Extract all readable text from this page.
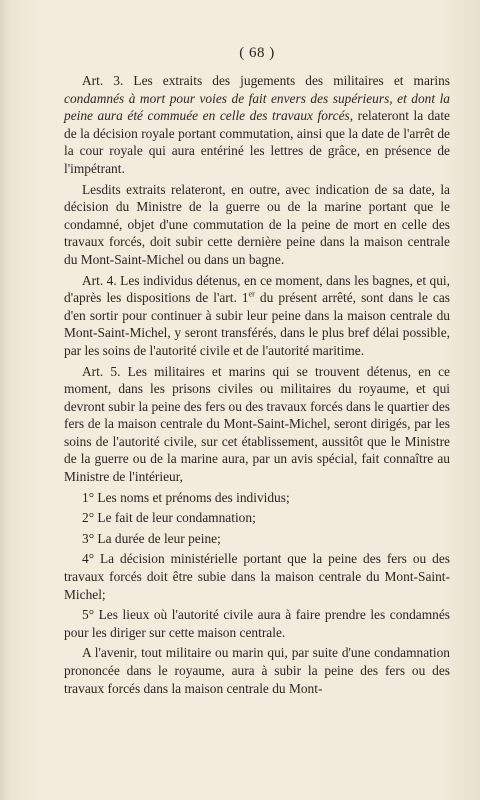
( 68 )

Art. 3. Les extraits des jugements des militaires et marins condamnés à mort pour voies de fait envers des supérieurs, et dont la peine aura été commuée en celle des travaux forcés, relateront la date de la décision royale portant commutation, ainsi que la date de l'arrêt de la cour royale qui aura entériné les lettres de grâce, en présence de l'impétrant.

Lesdits extraits relateront, en outre, avec indication de sa date, la décision du Ministre de la guerre ou de la marine portant que le condamné, objet d'une commutation de la peine de mort en celle des travaux forcés, doit subir cette dernière peine dans la maison centrale du Mont-Saint-Michel ou dans un bagne.

Art. 4. Les individus détenus, en ce moment, dans les bagnes, et qui, d'après les dispositions de l'art. 1er du présent arrêté, sont dans le cas d'en sortir pour continuer à subir leur peine dans la maison centrale du Mont-Saint-Michel, y seront transférés, dans le plus bref délai possible, par les soins de l'autorité civile et de l'autorité maritime.

Art. 5. Les militaires et marins qui se trouvent détenus, en ce moment, dans les prisons civiles ou militaires du royaume, et qui devront subir la peine des fers ou des travaux forcés dans le quartier des fers de la maison centrale du Mont-Saint-Michel, seront dirigés, par les soins de l'autorité civile, sur cet établissement, aussitôt que le Ministre de la guerre ou de la marine aura, par un avis spécial, fait connaître au Ministre de l'intérieur,

1° Les noms et prénoms des individus;

2° Le fait de leur condamnation;

3° La durée de leur peine;

4° La décision ministérielle portant que la peine des fers ou des travaux forcés doit être subie dans la maison centrale du Mont-Saint-Michel;

5° Les lieux où l'autorité civile aura à faire prendre les condamnés pour les diriger sur cette maison centrale.

A l'avenir, tout militaire ou marin qui, par suite d'une condamnation prononcée dans le royaume, aura à subir la peine des fers ou des travaux forcés dans la maison centrale du Mont-
